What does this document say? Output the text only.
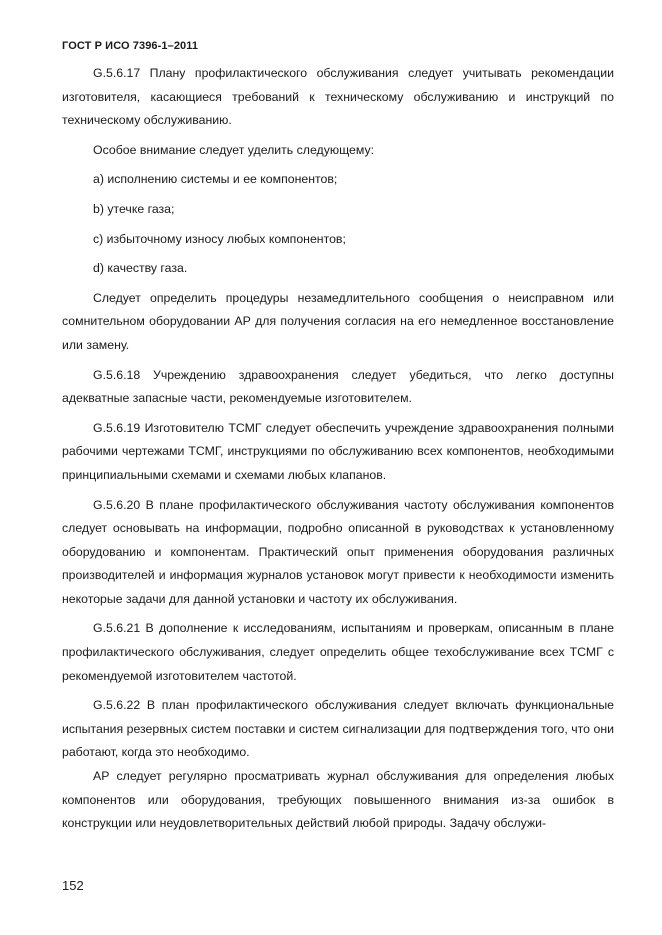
ГОСТ Р ИСО 7396-1–2011

G.5.6.17 Плану профилактического обслуживания следует учитывать рекомендации изготовителя, касающиеся требований к техническому обслуживанию и инструкций по техническому обслуживанию.

Особое внимание следует уделить следующему:

а) исполнению системы и ее компонентов;

b) утечке газа;

c) избыточному износу любых компонентов;

d) качеству газа.

Следует определить процедуры незамедлительного сообщения о неисправном или сомнительном оборудовании АР для получения согласия на его немедленное восстановление или замену.

G.5.6.18 Учреждению здравоохранения следует убедиться, что легко доступны адекватные запасные части, рекомендуемые изготовителем.

G.5.6.19 Изготовителю ТСМГ следует обеспечить учреждение здравоохранения полными рабочими чертежами ТСМГ, инструкциями по обслуживанию всех компонентов, необходимыми принципиальными схемами и схемами любых клапанов.

G.5.6.20 В плане профилактического обслуживания частоту обслуживания компонентов следует основывать на информации, подробно описанной в руководствах к установленному оборудованию и компонентам. Практический опыт применения оборудования различных производителей и информация журналов установок могут привести к необходимости изменить некоторые задачи для данной установки и частоту их обслуживания.

G.5.6.21 В дополнение к исследованиям, испытаниям и проверкам, описанным в плане профилактического обслуживания, следует определить общее техобслуживание всех ТСМГ с рекомендуемой изготовителем частотой.

G.5.6.22 В план профилактического обслуживания следует включать функциональные испытания резервных систем поставки и систем сигнализации для подтверждения того, что они работают, когда это необходимо.

АР следует регулярно просматривать журнал обслуживания для определения любых компонентов или оборудования, требующих повышенного внимания из-за ошибок в конструкции или неудовлетворительных действий любой природы. Задачу обслужи-

152
